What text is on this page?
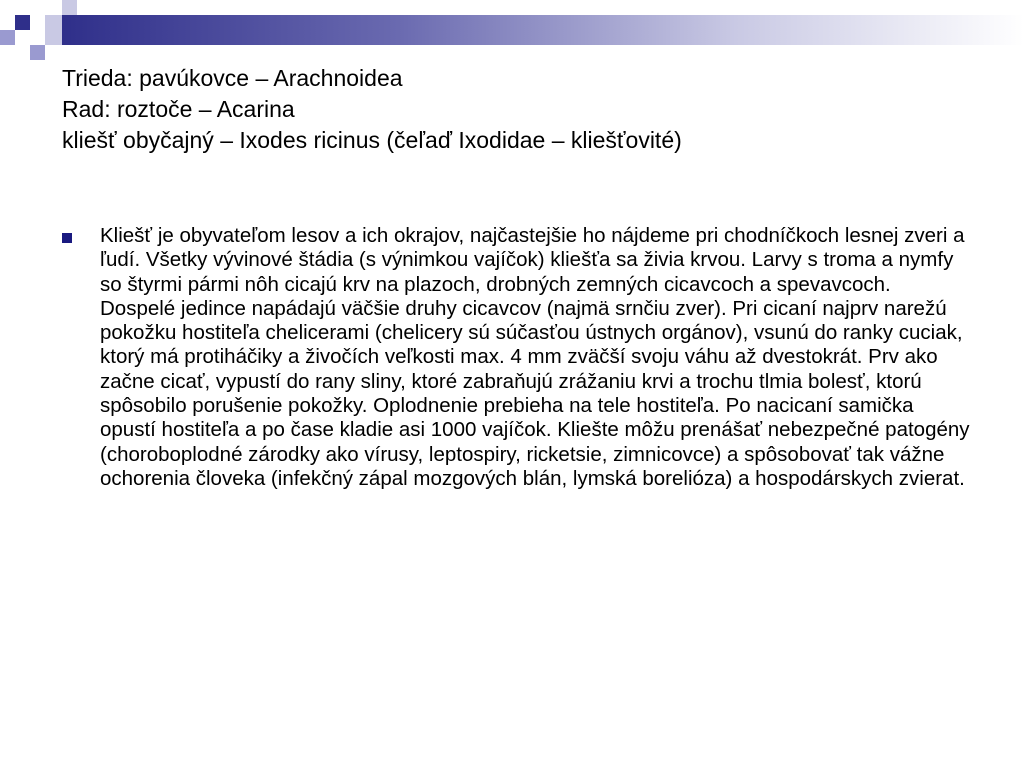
Trieda: pavúkovce – Arachnoidea

Rad: roztoče – Acarina

kliešť obyčajný – Ixodes ricinus (čeľaď Ixodidae – kliešťovité)

Kliešť je obyvateľom lesov a ich okrajov, najčastejšie ho nájdeme pri chodníčkoch lesnej zveri a ľudí. Všetky vývinové štádia (s výnimkou vajíčok) kliešťa sa živia krvou. Larvy s troma a nymfy so štyrmi pármi nôh cicajú krv na plazoch, drobných zemných cicavcoch a spevavcoch. Dospelé jedince napádajú väčšie druhy cicavcov (najmä srnčiu zver). Pri cicaní najprv narežú pokožku hostiteľa chelicerami (chelicery sú súčasťou ústnych orgánov), vsunú do ranky cuciak, ktorý má protiháčiky a živočích veľkosti max. 4 mm zväčší svoju váhu až dvestokrát. Prv ako začne cicať, vypustí do rany sliny, ktoré zabraňujú zrážaniu krvi a trochu tlmia bolesť, ktorú spôsobilo porušenie pokožky. Oplodnenie prebieha na tele hostiteľa. Po nacicaní samička opustí hostiteľa a po čase kladie asi 1000 vajíčok. Kliešte môžu prenášať nebezpečné patogény (choroboplodné zárodky ako vírusy, leptospiry, ricketsie, zimnicovce) a spôsobovať tak vážne ochorenia človeka (infekčný zápal mozgových blán, lymská borelióza) a hospodárskych zvierat.
